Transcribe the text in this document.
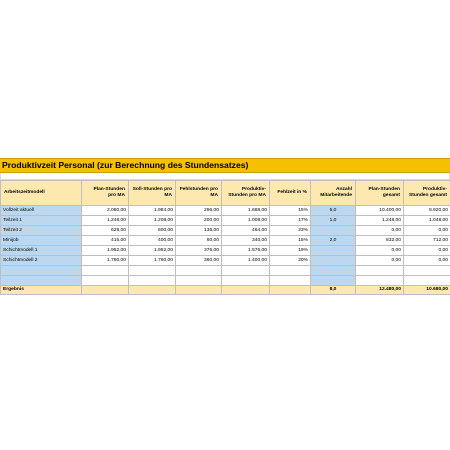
Produktivzeit Personal (zur Berechnung des Stundensatzes)
Arbeitszeitmodell	Plan-Stunden pro MA	Soll-Stunden pro MA	Fehlstunden pro MA	Produktiv-Stunden pro MA	Fehlzeit in %	Anzahl Mitarbeitende	Plan-Stunden gesamt	Produktiv-Stunden gesamt
Vollzeit aktuell	2.080,00	1.984,00	296,00	1.688,00	15%	5,0	10.400,00	8.920,00
Teilzeit 1	1.248,00	1.208,00	200,00	1.008,00	17%	1,0	1.248,00	1.048,00
Teilzeit 2	628,00	600,00	136,00	464,00	23%		0,00	0,00
Minijob	416,00	400,00	60,00	340,00	15%	2,0	832,00	712,00
Schichtmodell 1	1.952,00	1.952,00	376,00	1.576,00	19%		0,00	0,00
Schichtmodell 2	1.760,00	1.760,00	360,00	1.400,00	20%		0,00	0,00

Ergebnis						8,0	12.480,00	10.680,00
